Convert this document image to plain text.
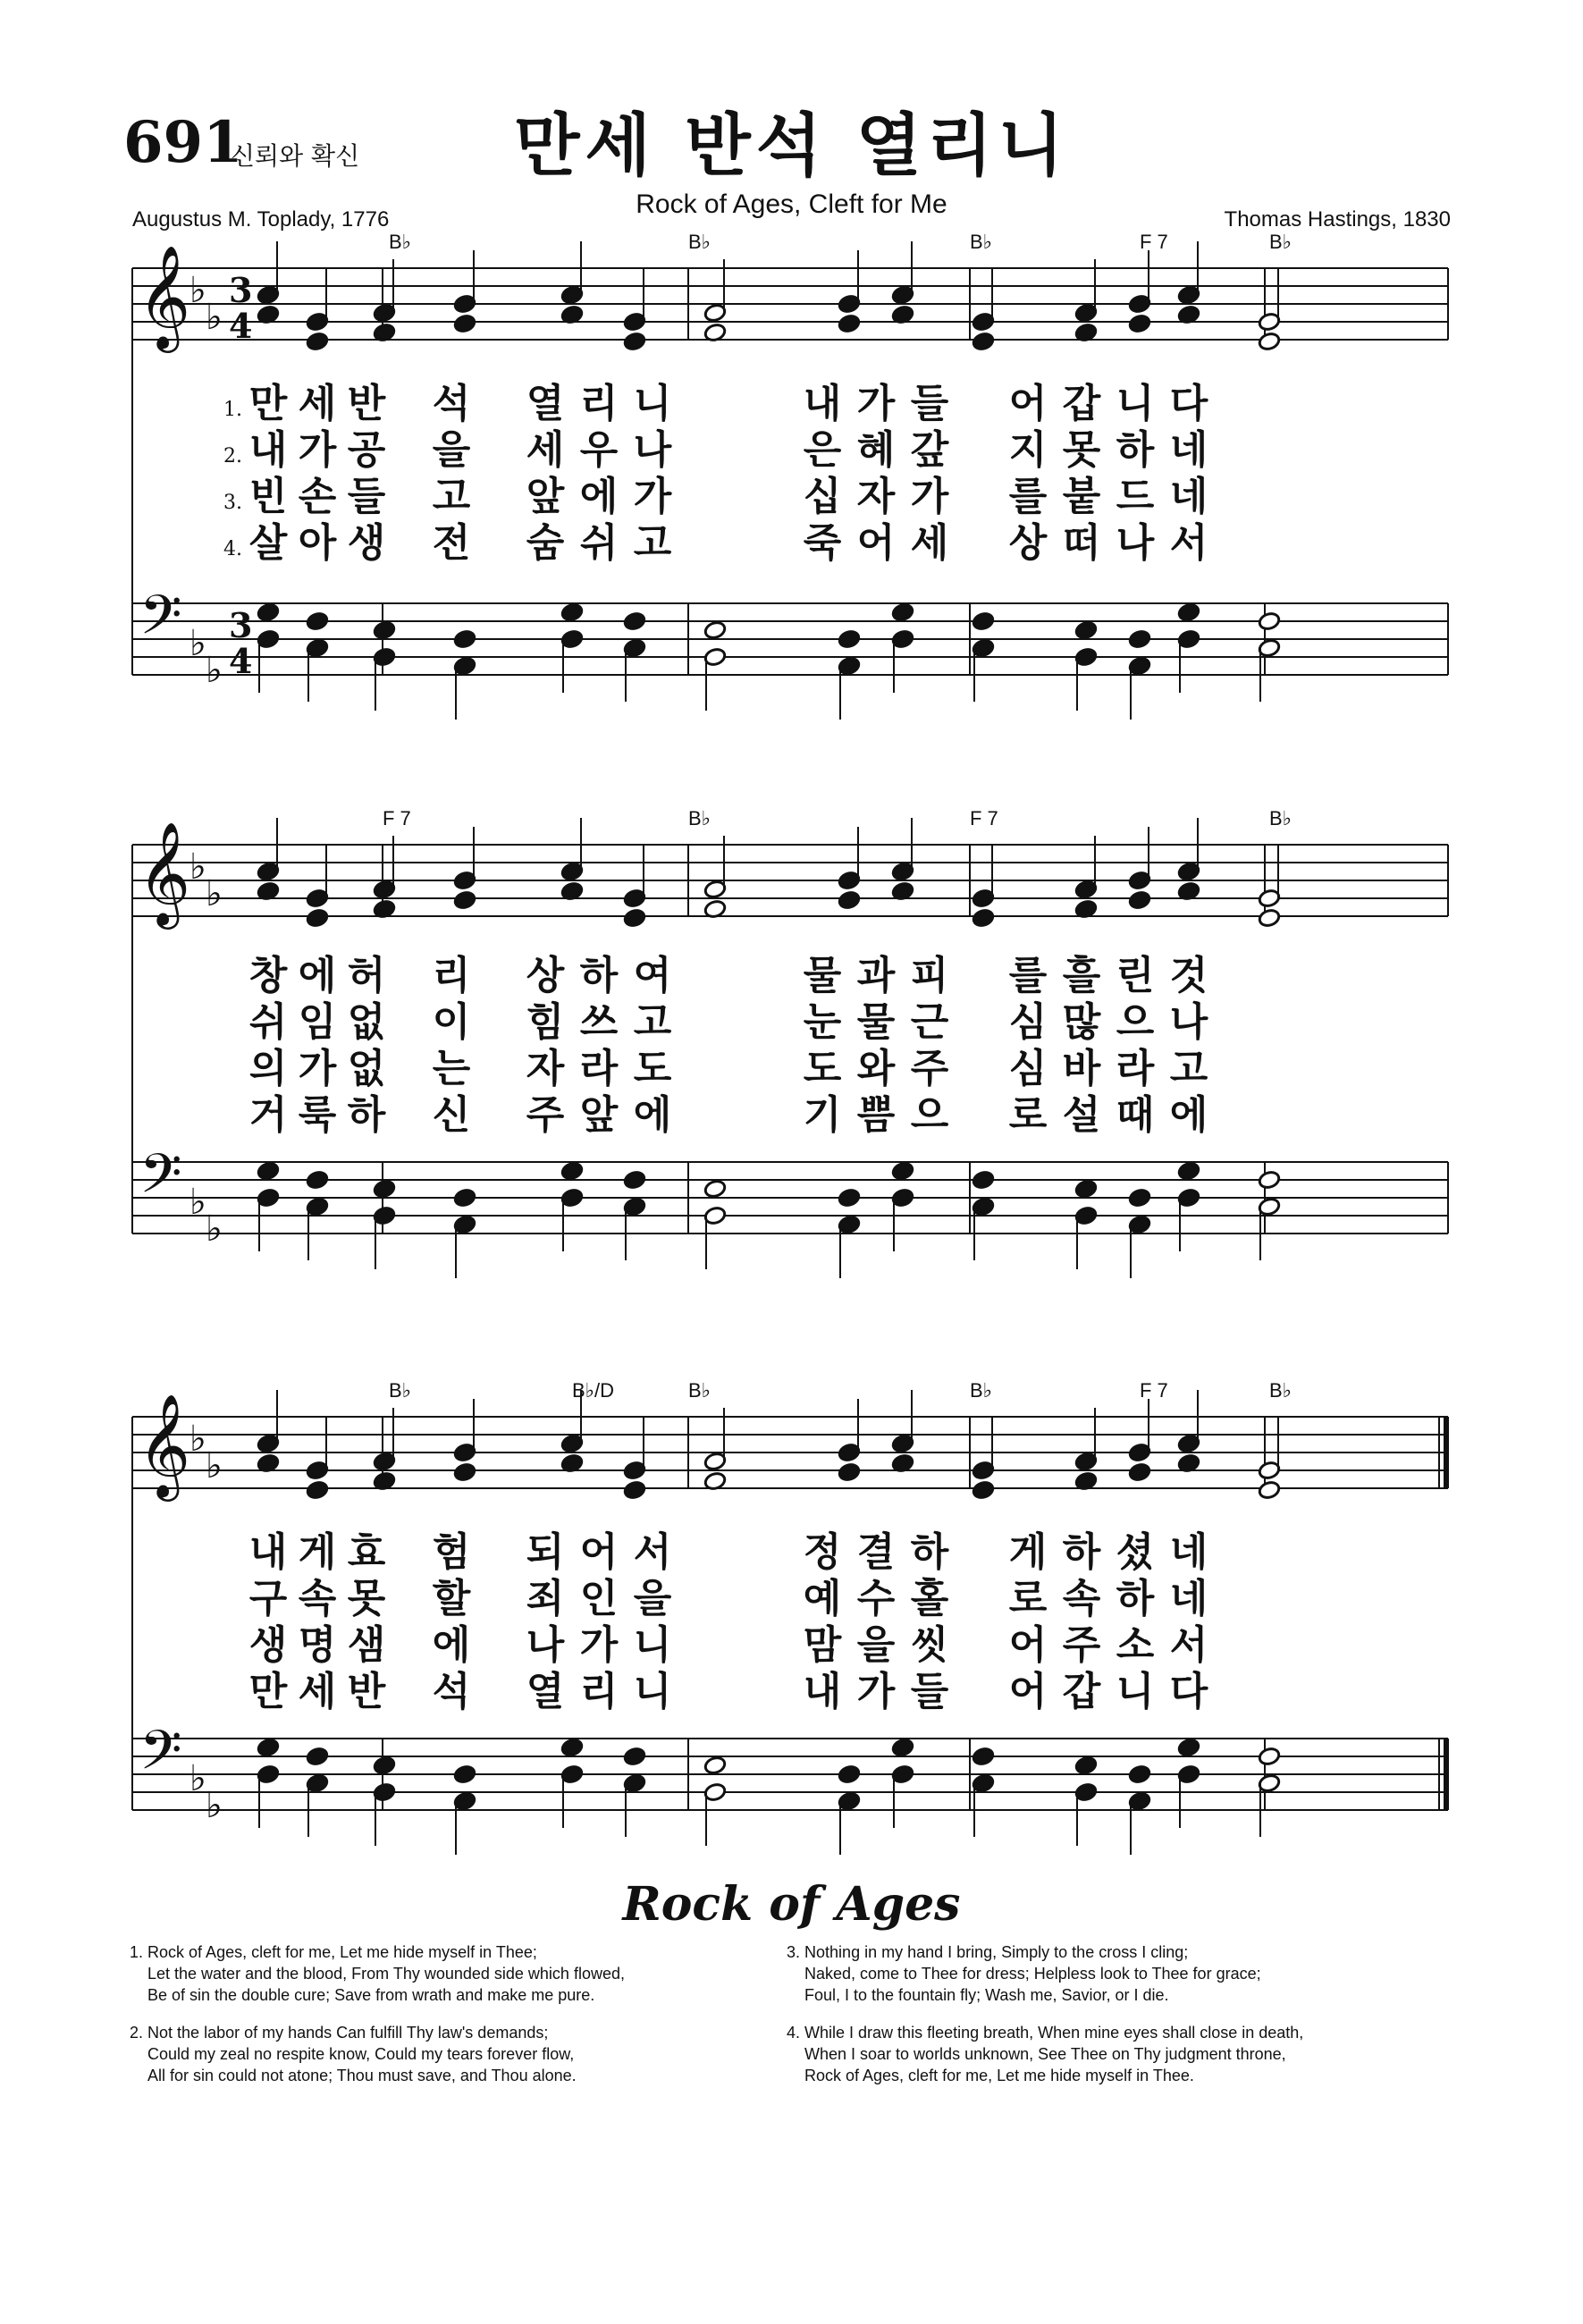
691
신뢰와 확신	만세 반석 열리니
Rock of Ages, Cleft for Me
Augustus M. Toplady, 1776	Thomas Hastings, 1830
𝄞
𝄢
♭
♭
♭
♭
3
4
3
4
B♭	B♭	B♭	F 7	B♭
𝄞
𝄢
♭
♭
♭
♭
F 7	B♭	F 7	B♭
𝄞
𝄢
♭
♭
♭
♭
B♭	B♭/D	B♭	B♭	F 7	B♭
1. 만 세 반 석 열 리 니	내 가 들 어 갑 니 다
2. 내 가 공 을 세 우 나	은 혜 갚 지 못 하 네
3. 빈 손 들 고 앞 에 가	십 자 가 를 붙 드 네
4. 살 아 생 전 숨 쉬 고	죽 어 세 상 떠 나 서
창 에 허 리 상 하 여	물 과 피 를 흘 린 것
쉬 임 없 이 힘 쓰 고	눈 물 근 심 많 으 나
의 가 없 는 자 라 도	도 와 주 심 바 라 고
거 룩 하 신 주 앞 에	기 쁨 으 로 설 때 에
내 게 효 험 되 어 서	정 결 하 게 하 셨 네
구 속 못 할 죄 인 을	예 수 홀 로 속 하 네
생 명 샘 에 나 가 니	맘 을 씻 어 주 소 서
만 세 반 석 열 리 니	내 가 들 어 갑 니 다
Rock of Ages
1. Rock of Ages, cleft for me, Let me hide myself in Thee;
Let the water and the blood, From Thy wounded side which flowed,
Be of sin the double cure; Save from wrath and make me pure.
2. Not the labor of my hands Can fulfill Thy law's demands;
Could my zeal no respite know, Could my tears forever flow,
All for sin could not atone; Thou must save, and Thou alone.
3. Nothing in my hand I bring, Simply to the cross I cling;
Naked, come to Thee for dress; Helpless look to Thee for grace;
Foul, I to the fountain fly; Wash me, Savior, or I die.
4. While I draw this fleeting breath, When mine eyes shall close in death,
When I soar to worlds unknown, See Thee on Thy judgment throne,
Rock of Ages, cleft for me, Let me hide myself in Thee.
